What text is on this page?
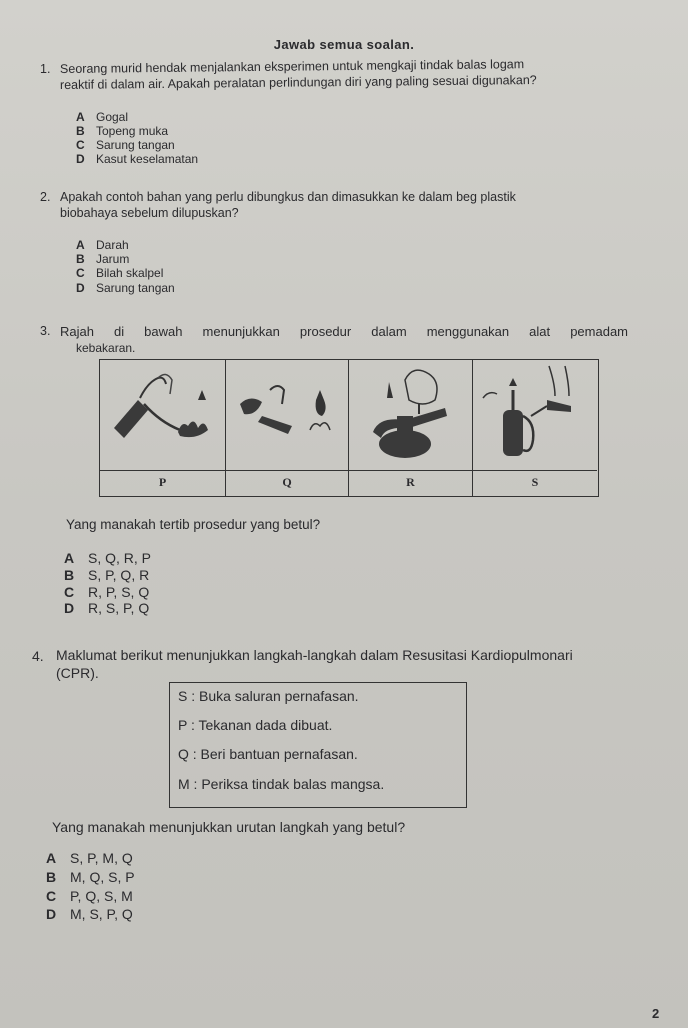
Jawab semua soalan.
1. Seorang murid hendak menjalankan eksperimen untuk mengkaji tindak balas logam
reaktif di dalam air. Apakah peralatan perlindungan diri yang paling sesuai digunakan?
A Gogal
B Topeng muka
C Sarung tangan
D Kasut keselamatan
2. Apakah contoh bahan yang perlu dibungkus dan dimasukkan ke dalam beg plastik
biobahaya sebelum dilupuskan?
A Darah
B Jarum
C Bilah skalpel
D Sarung tangan
3. Rajah di bawah menunjukkan prosedur dalam menggunakan alat pemadam
kebakaran.
P	Q	R	S
Yang manakah tertib prosedur yang betul?
A S, Q, R, P
B S, P, Q, R
C R, P, S, Q
D R, S, P, Q
4. Maklumat berikut menunjukkan langkah-langkah dalam Resusitasi Kardiopulmonari
(CPR).
S : Buka saluran pernafasan.
P : Tekanan dada dibuat.
Q : Beri bantuan pernafasan.
M : Periksa tindak balas mangsa.
Yang manakah menunjukkan urutan langkah yang betul?
A S, P, M, Q
B M, Q, S, P
C P, Q, S, M
D M, S, P, Q
2
